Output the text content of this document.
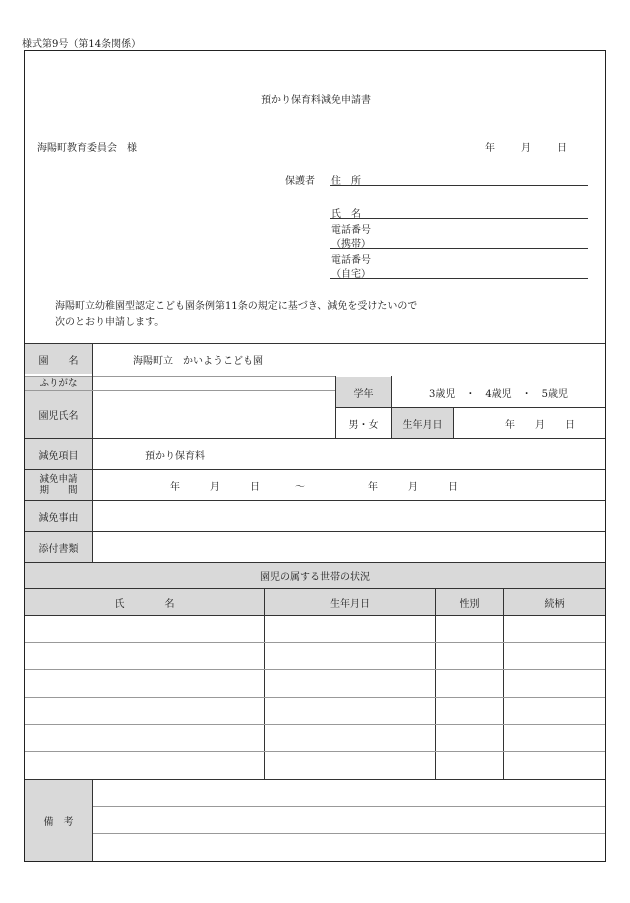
様式第9号（第14条関係）
預かり保育料減免申請書
海陽町教育委員会　様	年	月	日
保護者 住　所
氏　名
電話番号
（携帯）
電話番号
（自宅）
海陽町立幼稚園型認定こども園条例第11条の規定に基づき、減免を受けたいので
次のとおり申請します。
園　　名	海陽町立　かいようこども園
ふりがな
園児氏名
学年	3歳児　・　4歳児　・　5歳児
男・女 生年月日	年　　月　　日
減免項目	預かり保育料
減免申請
期　　間	年　　　月　　　日	～	年　　　月　　　日
減免事由
添付書類
園児の属する世帯の状況
氏　　　　名	生年月日	性別	続柄
備　考
